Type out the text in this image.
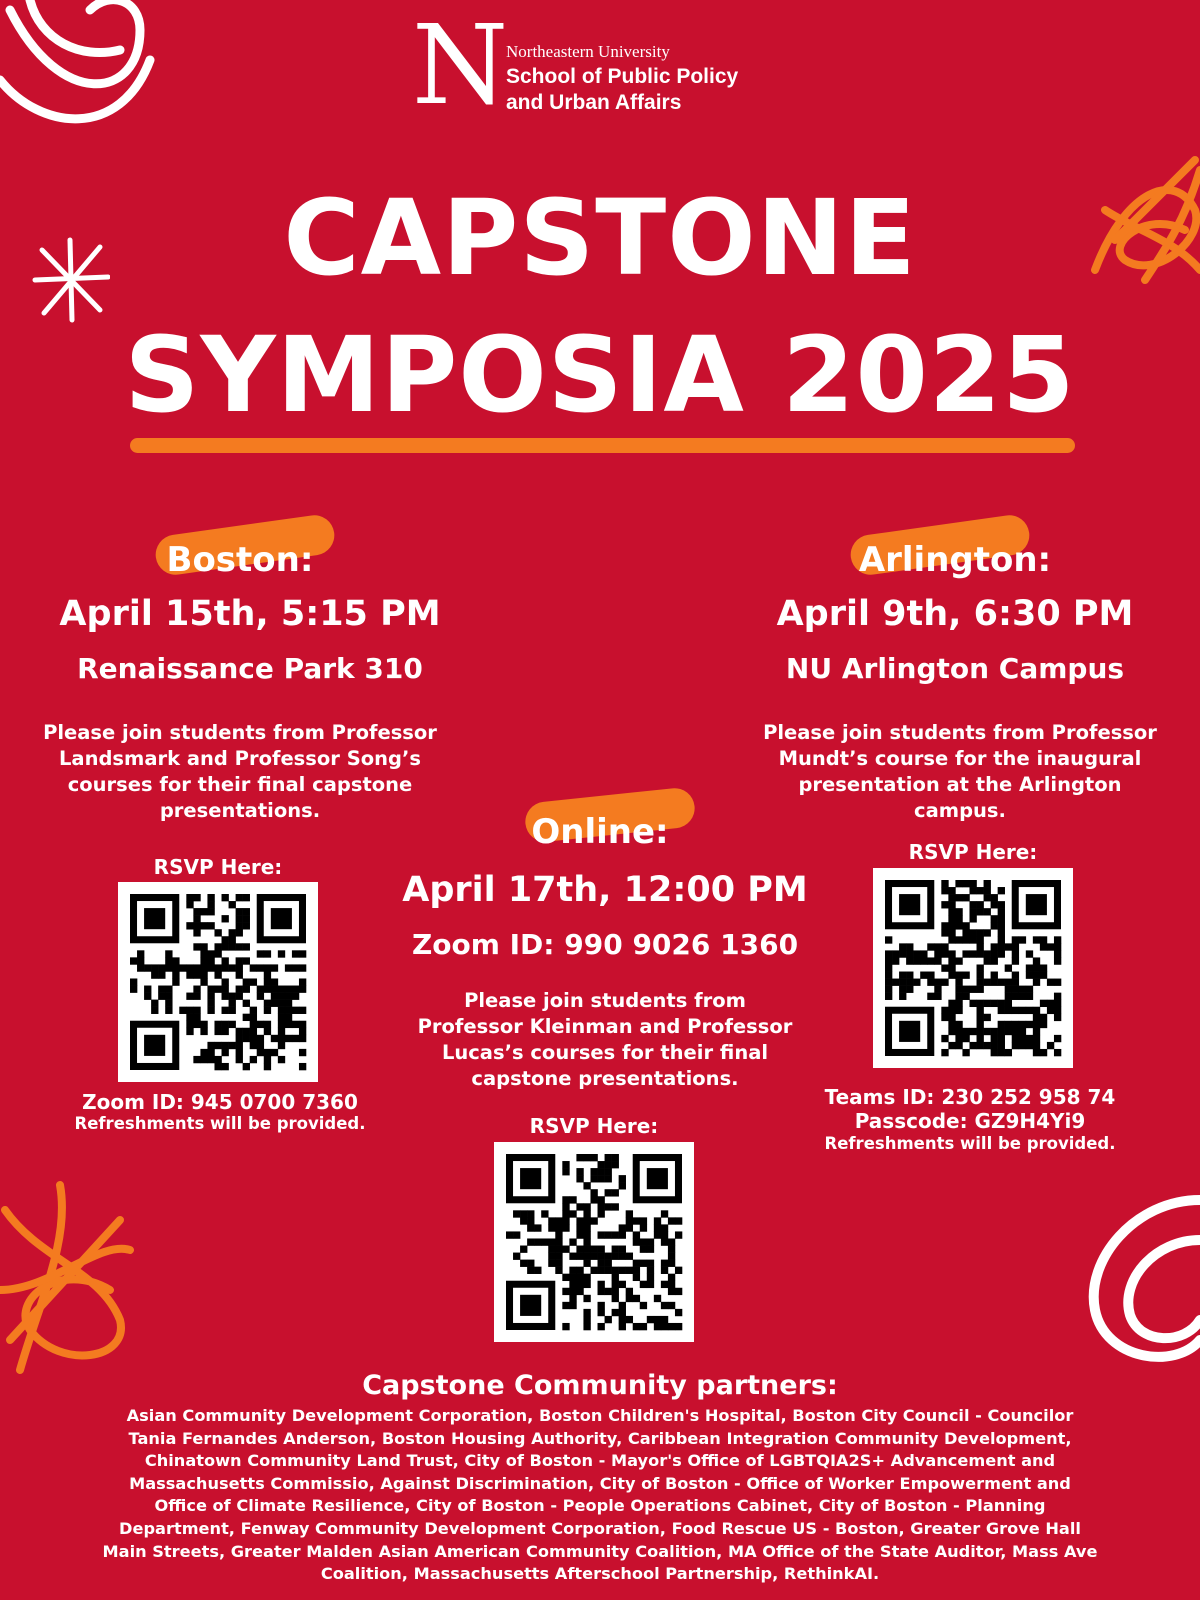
N
Northeastern University
School of Public Policy
and Urban Affairs
CAPSTONE
SYMPOSIA 2025
Boston:
April 15th, 5:15 PM
Renaissance Park 310
Please join students from Professor
Landsmark and Professor Song’s
courses for their final capstone
presentations.
RSVP Here:
Zoom ID: 945 0700 7360
Refreshments will be provided.
Arlington:
April 9th, 6:30 PM
NU Arlington Campus
Please join students from Professor
Mundt’s course for the inaugural
presentation at the Arlington
campus.
RSVP Here:
Teams ID: 230 252 958 74
Passcode: GZ9H4Yi9
Refreshments will be provided.
Online:
April 17th, 12:00 PM
Zoom ID: 990 9026 1360
Please join students from
Professor Kleinman and Professor
Lucas’s courses for their final
capstone presentations.
RSVP Here:
Capstone Community partners:
Asian Community Development Corporation, Boston Children's Hospital, Boston City Council - Councilor
Tania Fernandes Anderson, Boston Housing Authority, Caribbean Integration Community Development,
Chinatown Community Land Trust, City of Boston - Mayor's Office of LGBTQIA2S+ Advancement and
Massachusetts Commissio, Against Discrimination, City of Boston - Office of Worker Empowerment and
Office of Climate Resilience, City of Boston - People Operations Cabinet, City of Boston - Planning
Department, Fenway Community Development Corporation, Food Rescue US - Boston, Greater Grove Hall
Main Streets, Greater Malden Asian American Community Coalition, MA Office of the State Auditor, Mass Ave
Coalition, Massachusetts Afterschool Partnership, RethinkAI.
